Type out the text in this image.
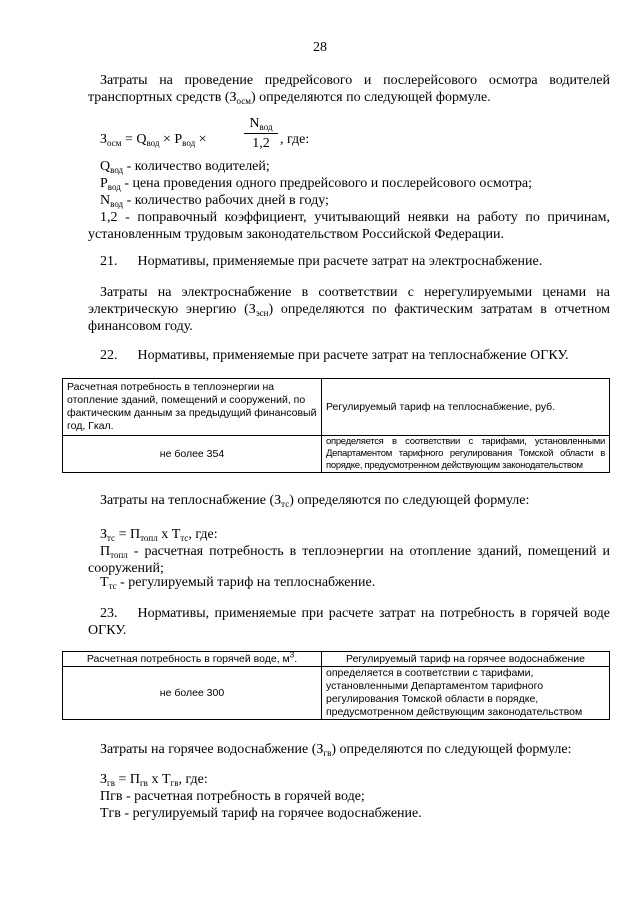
28
Затраты на проведение предрейсового и послерейсового осмотра водителей транспортных средств $(З_{осм})$ определяются по следующей формуле.
$З_{осм} = Q_{вод} \times P_{вод}$ ×
$N_{вод}$
1,2 , где:
$Q_{вод}$ - количество водителей;
$P_{вод}$ - цена проведения одного предрейсового и послерейсового осмотра;
$N_{вод}$ - количество рабочих дней в году;
1,2 - поправочный коэффициент, учитывающий неявки на работу по причинам, установленным трудовым законодательством Российской Федерации.
21. Нормативы, применяемые при расчете затрат на электроснабжение.
Затраты на электроснабжение в соответствии с нерегулируемыми ценами на электрическую энергию $(З_{эсн})$ определяются по фактическим затратам в отчетном финансовом году.
22. Нормативы, применяемые при расчете затрат на теплоснабжение ОГКУ.
Расчетная потребность в теплоэнергии на отопление зданий, помещений и сооружений, по фактическим данным за предыдущий финансовый год, Гкал.	Регулируемый тариф на теплоснабжение, руб.
не более 354	определяется в соответствии с тарифами, установленными Департаментом тарифного регулирования Томской области в порядке, предусмотренном действующим законодательством
Затраты на теплоснабжение $(З_{тс})$ определяются по следующей формуле:
$З_{тс} = П_{топл}$ х $Т_{тс}$, где:
$П_{топл}$ - расчетная потребность в теплоэнергии на отопление зданий, помещений и сооружений;
$Т_{тс}$ - регулируемый тариф на теплоснабжение.
23. Нормативы, применяемые при расчете затрат на потребность в горячей воде ОГКУ.
Расчетная потребность в горячей воде, $м^3$.	Регулируемый тариф на горячее водоснабжение
не более 300	определяется в соответствии с тарифами, установленными Департаментом тарифного регулирования Томской области в порядке, предусмотренном действующим законодательством
Затраты на горячее водоснабжение $(З_{гв})$ определяются по следующей формуле:
$З_{гв} = П_{гв}$ х $Т_{гв}$, где:
Пгв - расчетная потребность в горячей воде;
Тгв - регулируемый тариф на горячее водоснабжение.
